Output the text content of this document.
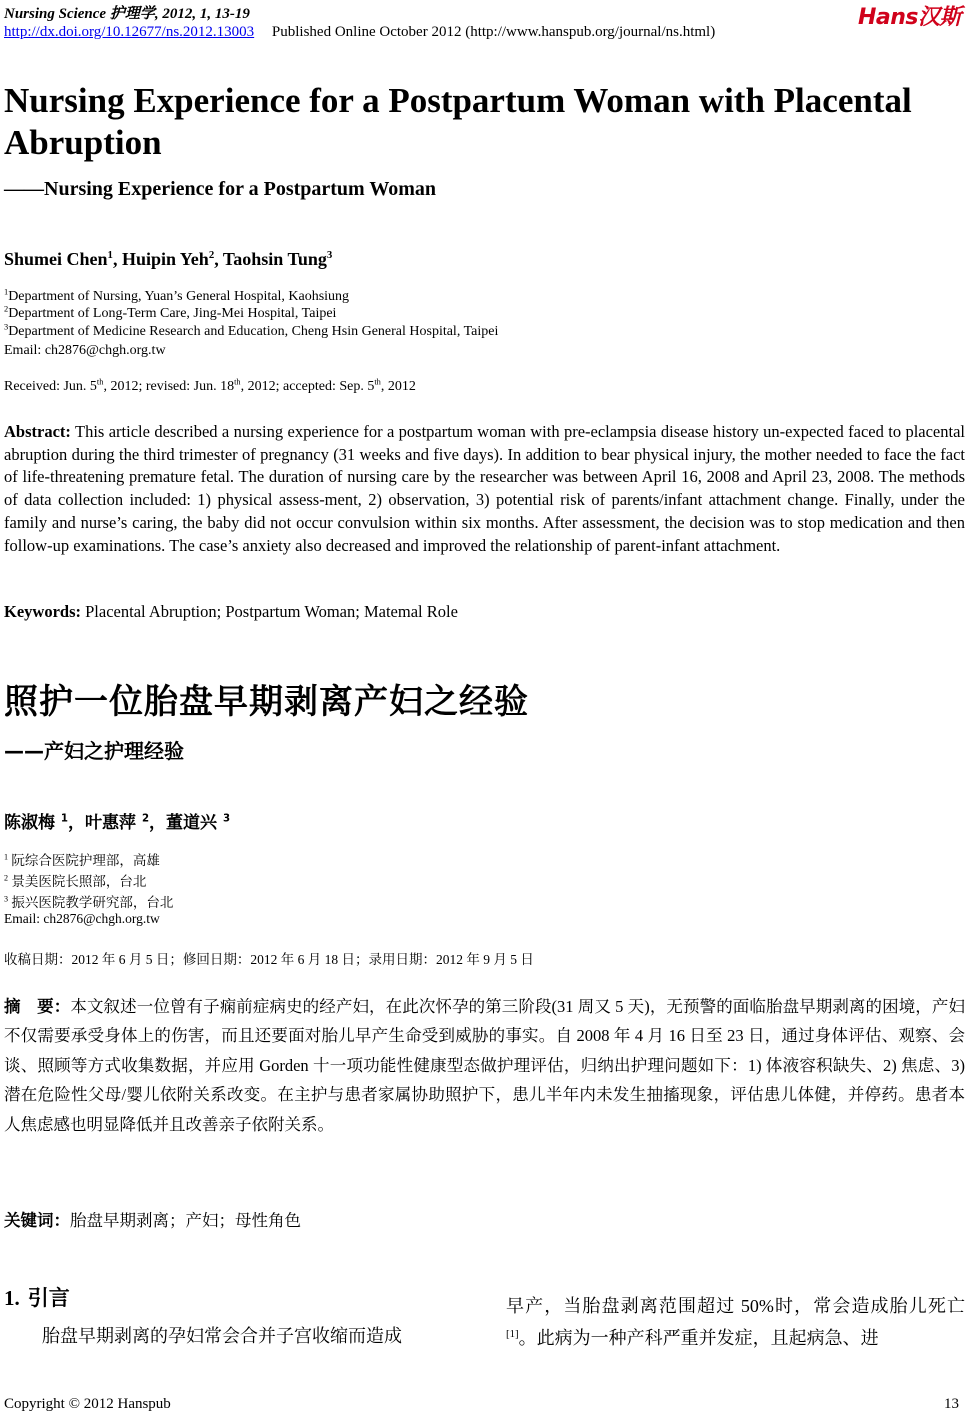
Nursing Science 护理学, 2012, 1, 13-19
http://dx.doi.org/10.12677/ns.2012.13003 Published Online October 2012 (http://www.hanspub.org/journal/ns.html)
Hans汉斯
Nursing Experience for a Postpartum Woman with Placental Abruption
——Nursing Experience for a Postpartum Woman
Shumei Chen$^1$, Huipin Yeh$^2$, Taohsin Tung$^3$
$^1$Department of Nursing, Yuan’s General Hospital, Kaohsiung
$^2$Department of Long-Term Care, Jing-Mei Hospital, Taipei
$^3$Department of Medicine Research and Education, Cheng Hsin General Hospital, Taipei
Email: ch2876@chgh.org.tw
Received: Jun. 5th, 2012; revised: Jun. 18th, 2012; accepted: Sep. 5th, 2012
Abstract: This article described a nursing experience for a postpartum woman with pre-eclampsia disease history un-expected faced to placental abruption during the third trimester of pregnancy (31 weeks and five days). In addition to bear physical injury, the mother needed to face the fact of life-threatening premature fetal. The duration of nursing care by the researcher was between April 16, 2008 and April 23, 2008. The methods of data collection included: 1) physical assess-ment, 2) observation, 3) potential risk of parents/infant attachment change. Finally, under the family and nurse’s caring, the baby did not occur convulsion within six months. After assessment, the decision was to stop medication and then follow-up examinations. The case’s anxiety also decreased and improved the relationship of parent-infant attachment.
Keywords: Placental Abruption; Postpartum Woman; Matemal Role
照护一位胎盘早期剥离产妇之经验
——产妇之护理经验
陈淑梅 $^1$，叶惠萍 $^2$，董道兴 $^3$
$^1$ 阮综合医院护理部，高雄
$^2$ 景美医院长照部，台北
$^3$ 振兴医院教学研究部，台北
Email: ch2876@chgh.org.tw
收稿日期：2012 年 6 月 5 日；修回日期：2012 年 6 月 18 日；录用日期：2012 年 9 月 5 日
摘　要：本文叙述一位曾有子痫前症病史的经产妇，在此次怀孕的第三阶段(31 周又 5 天)，无预警的面临胎盘早期剥离的困境，产妇不仅需要承受身体上的伤害，而且还要面对胎儿早产生命受到威胁的事实。自 2008 年 4 月 16 日至 23 日，通过身体评估、观察、会谈、照顾等方式收集数据，并应用 Gorden 十一项功能性健康型态做护理评估，归纳出护理问题如下：1) 体液容积缺失、2) 焦虑、3) 潜在危险性父母/婴儿依附关系改变。在主护与患者家属协助照护下，患儿半年内未发生抽搐现象，评估患儿体健，并停药。患者本人焦虑感也明显降低并且改善亲子依附关系。
关键词：胎盘早期剥离；产妇；母性角色
1. 引言
胎盘早期剥离的孕妇常会合并子宫收缩而造成
早产，当胎盘剥离范围超过 50%时，常会造成胎儿死亡[1]。此病为一种产科严重并发症，且起病急、进
Copyright © 2012 Hanspub	13
